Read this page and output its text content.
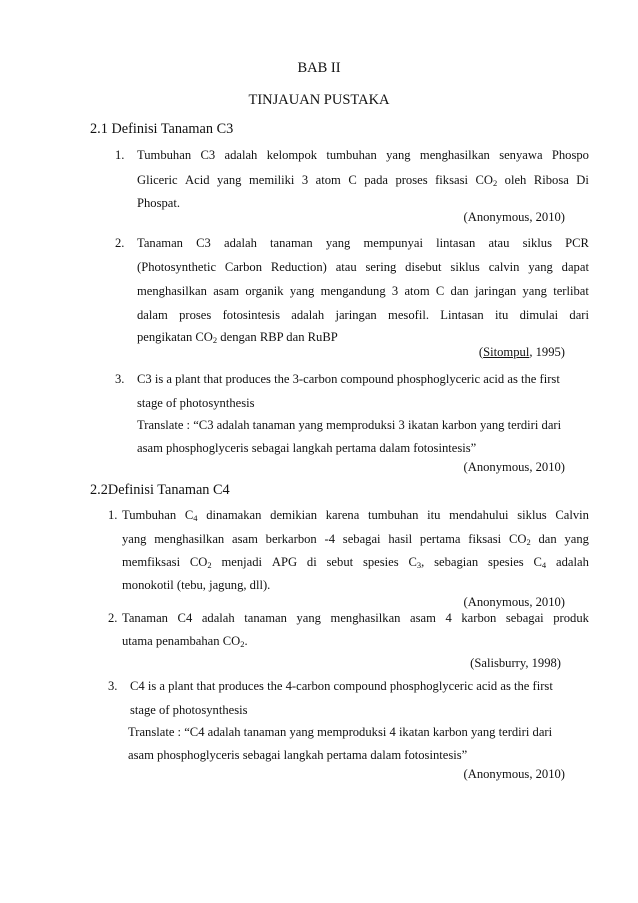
BAB II
TINJAUAN PUSTAKA
2.1 Definisi Tanaman C3
1. Tumbuhan C3 adalah kelompok tumbuhan yang menghasilkan senyawa Phospo
Gliceric Acid yang memiliki 3 atom C pada proses fiksasi $CO_2$ oleh Ribosa Di
Phospat.
(Anonymous, 2010)
2. Tanaman C3 adalah tanaman yang mempunyai lintasan atau siklus PCR
(Photosynthetic Carbon Reduction) atau sering disebut siklus calvin yang dapat
menghasilkan asam organik yang mengandung 3 atom C dan jaringan yang terlibat
dalam proses fotosintesis adalah jaringan mesofil. Lintasan itu dimulai dari
pengikatan $CO_2$ dengan RBP dan RuBP
(Sitompul, 1995)
3. C3 is a plant that produces the 3-carbon compound phosphoglyceric acid as the first
stage of photosynthesis
Translate : “C3 adalah tanaman yang memproduksi 3 ikatan karbon yang terdiri dari
asam phosphoglyceris sebagai langkah pertama dalam fotosintesis”
(Anonymous, 2010)
2.2Definisi Tanaman C4
1. Tumbuhan $C_4$ dinamakan demikian karena tumbuhan itu mendahului siklus Calvin
yang menghasilkan asam berkarbon -4 sebagai hasil pertama fiksasi $CO_2$ dan yang
memfiksasi $CO_2$ menjadi APG di sebut spesies $C_3$, sebagian spesies $C_4$ adalah
monokotil (tebu, jagung, dll).
(Anonymous, 2010)
2. Tanaman C4 adalah tanaman yang menghasilkan asam 4 karbon sebagai produk
utama penambahan $CO_2$.
(Salisburry, 1998)
3. C4 is a plant that produces the 4-carbon compound phosphoglyceric acid as the first
stage of photosynthesis
Translate : “C4 adalah tanaman yang memproduksi 4 ikatan karbon yang terdiri dari
asam phosphoglyceris sebagai langkah pertama dalam fotosintesis”
(Anonymous, 2010)
